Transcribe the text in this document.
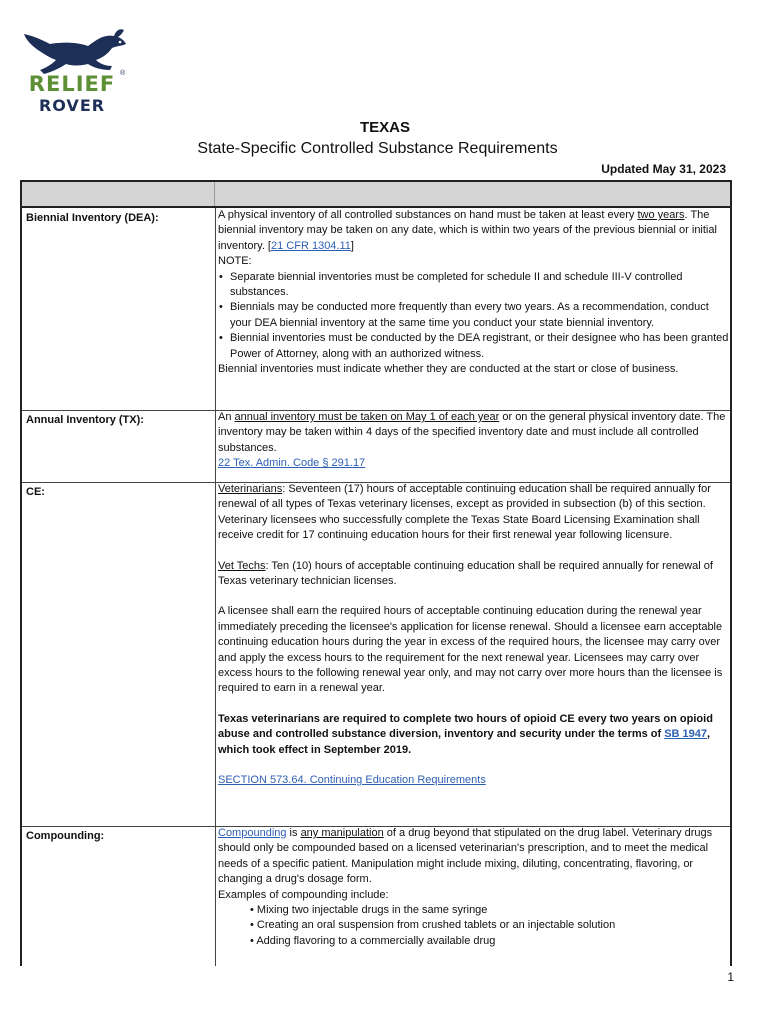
RELIEF ®
ROVER
TEXAS
State-Specific Controlled Substance Requirements
Updated May 31, 2023
Biennial Inventory (DEA):	A physical inventory of all controlled substances on hand must be taken at least every two years. The biennial inventory may be taken on any date, which is within two years of the previous biennial or initial inventory. [21 CFR 1304.11]

NOTE:

• Separate biennial inventories must be completed for schedule II and schedule III-V controlled substances.

• Biennials may be conducted more frequently than every two years. As a recommendation, conduct your DEA biennial inventory at the same time you conduct your state biennial inventory.

• Biennial inventories must be conducted by the DEA registrant, or their designee who has been granted Power of Attorney, along with an authorized witness.

Biennial inventories must indicate whether they are conducted at the start or close of business.

Annual Inventory (TX):	An annual inventory must be taken on May 1 of each year or on the general physical inventory date. The inventory may be taken within 4 days of the specified inventory date and must include all controlled substances.

22 Tex. Admin. Code § 291.17

CE:	Veterinarians: Seventeen (17) hours of acceptable continuing education shall be required annually for renewal of all types of Texas veterinary licenses, except as provided in subsection (b) of this section. Veterinary licensees who successfully complete the Texas State Board Licensing Examination shall receive credit for 17 continuing education hours for their first renewal year following licensure.

Vet Techs: Ten (10) hours of acceptable continuing education shall be required annually for renewal of Texas veterinary technician licenses.

A licensee shall earn the required hours of acceptable continuing education during the renewal year immediately preceding the licensee's application for license renewal. Should a licensee earn acceptable continuing education hours during the year in excess of the required hours, the licensee may carry over and apply the excess hours to the requirement for the next renewal year. Licensees may carry over excess hours to the following renewal year only, and may not carry over more hours than the licensee is required to earn in a renewal year.

Texas veterinarians are required to complete two hours of opioid CE every two years on opioid abuse and controlled substance diversion, inventory and security under the terms of SB 1947, which took effect in September 2019.

SECTION 573.64. Continuing Education Requirements

Compounding:	Compounding is any manipulation of a drug beyond that stipulated on the drug label. Veterinary drugs should only be compounded based on a licensed veterinarian's prescription, and to meet the medical needs of a specific patient. Manipulation might include mixing, diluting, concentrating, flavoring, or changing a drug's dosage form.

Examples of compounding include:

• Mixing two injectable drugs in the same syringe

• Creating an oral suspension from crushed tablets or an injectable solution

• Adding flavoring to a commercially available drug

1
